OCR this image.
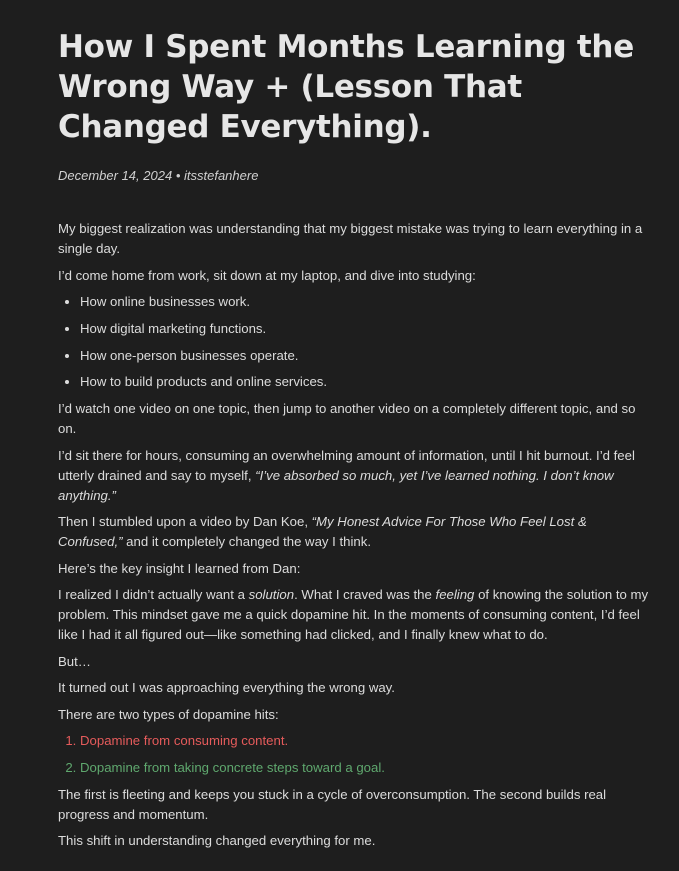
How I Spent Months Learning the Wrong Way + (Lesson That Changed Everything).
December 14, 2024 • itsstefanhere

My biggest realization was understanding that my biggest mistake was trying to learn everything in a single day.

I’d come home from work, sit down at my laptop, and dive into studying:

• How online businesses work.
• How digital marketing functions.
• How one-person businesses operate.
• How to build products and online services.

I’d watch one video on one topic, then jump to another video on a completely different topic, and so on.

I’d sit there for hours, consuming an overwhelming amount of information, until I hit burnout. I’d feel utterly drained and say to myself, “I’ve absorbed so much, yet I’ve learned nothing. I don’t know anything.”

Then I stumbled upon a video by Dan Koe, “My Honest Advice For Those Who Feel Lost & Confused,” and it completely changed the way I think.

Here’s the key insight I learned from Dan:

I realized I didn’t actually want a solution. What I craved was the feeling of knowing the solution to my problem. This mindset gave me a quick dopamine hit. In the moments of consuming content, I’d feel like I had it all figured out—like something had clicked, and I finally knew what to do.

But…

It turned out I was approaching everything the wrong way.

There are two types of dopamine hits:

1. Dopamine from consuming content.
2. Dopamine from taking concrete steps toward a goal.

The first is fleeting and keeps you stuck in a cycle of overconsumption. The second builds real progress and momentum.

This shift in understanding changed everything for me.
